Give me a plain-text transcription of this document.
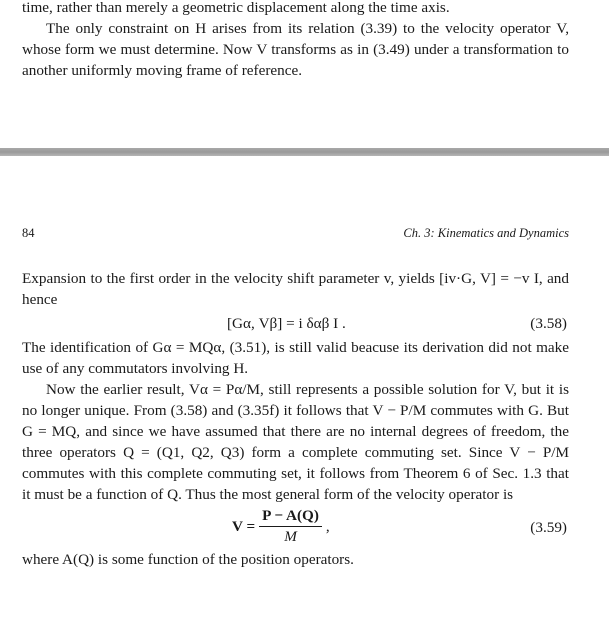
time, rather than merely a geometric displacement along the time axis.

The only constraint on H arises from its relation (3.39) to the velocity operator V, whose form we must determine. Now V transforms as in (3.49) under a transformation to another uniformly moving frame of reference.

84	Ch. 3: Kinematics and Dynamics

Expansion to the first order in the velocity shift parameter v, yields [iv·G, V] = −v I, and hence

[Gα, Vβ] = i δαβ I .	(3.58)

The identification of Gα = MQα, (3.51), is still valid beacuse its derivation did not make use of any commutators involving H.

Now the earlier result, Vα = Pα/M, still represents a possible solution for V, but it is no longer unique. From (3.58) and (3.35f) it follows that V − P/M commutes with G. But G = MQ, and since we have assumed that there are no internal degrees of freedom, the three operators Q = (Q1, Q2, Q3) form a complete commuting set. Since V − P/M commutes with this complete commuting set, it follows from Theorem 6 of Sec. 1.3 that it must be a function of Q. Thus the most general form of the velocity operator is

$V = \frac{P - A(Q)}{M}$ ,	(3.59)

where A(Q) is some function of the position operators.
